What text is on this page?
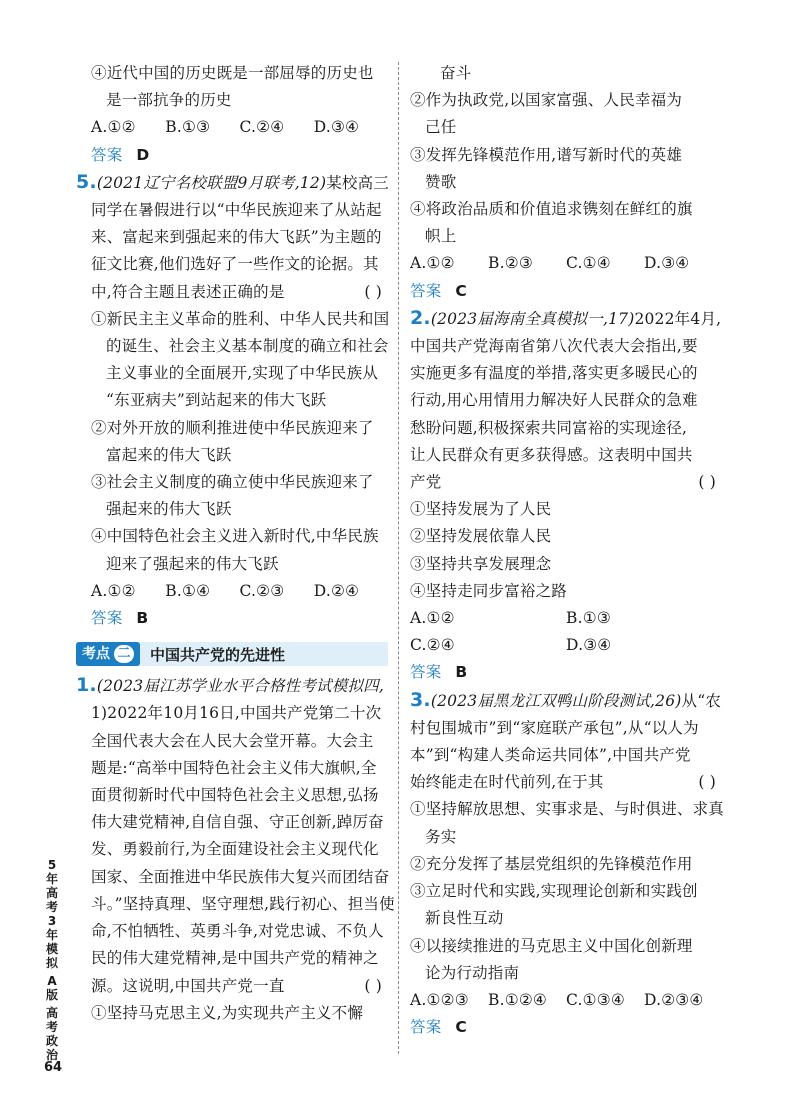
④近代中国的历史既是一部屈辱的历史也
是一部抗争的历史
A.①②	B.①③	C.②④	D.③④
答案 D
5.(2021辽宁名校联盟9月联考,12)某校高三
同学在暑假进行以“中华民族迎来了从站起
来、富起来到强起来的伟大飞跃”为主题的
征文比赛,他们选好了一些作文的论据。其
中,符合主题且表述正确的是	( )
①新民主主义革命的胜利、中华人民共和国
的诞生、社会主义基本制度的确立和社会
主义事业的全面展开,实现了中华民族从
“东亚病夫”到站起来的伟大飞跃
②对外开放的顺利推进使中华民族迎来了
富起来的伟大飞跃
③社会主义制度的确立使中华民族迎来了
强起来的伟大飞跃
④中国特色社会主义进入新时代,中华民族
迎来了强起来的伟大飞跃
A.①②	B.①④	C.②③	D.②④
答案 B
考点 二 中国共产党的先进性
1.(2023届江苏学业水平合格性考试模拟四,
1)2022年10月16日,中国共产党第二十次
全国代表大会在人民大会堂开幕。大会主
题是:“高举中国特色社会主义伟大旗帜,全
面贯彻新时代中国特色社会主义思想,弘扬
伟大建党精神,自信自强、守正创新,踔厉奋
发、勇毅前行,为全面建设社会主义现代化
国家、全面推进中华民族伟大复兴而团结奋
斗。”坚持真理、坚守理想,践行初心、担当使
命,不怕牺牲、英勇斗争,对党忠诚、不负人
民的伟大建党精神,是中国共产党的精神之
源。这说明,中国共产党一直	( )
①坚持马克思主义,为实现共产主义不懈
奋斗
②作为执政党,以国家富强、人民幸福为
己任
③发挥先锋模范作用,谱写新时代的英雄
赞歌
④将政治品质和价值追求镌刻在鲜红的旗
帜上
A.①②	B.②③	C.①④	D.③④
答案 C
2.(2023届海南全真模拟一,17)2022年4月,
中国共产党海南省第八次代表大会指出,要
实施更多有温度的举措,落实更多暖民心的
行动,用心用情用力解决好人民群众的急难
愁盼问题,积极探索共同富裕的实现途径,
让人民群众有更多获得感。这表明中国共
产党	( )
①坚持发展为了人民
②坚持发展依靠人民
③坚持共享发展理念
④坚持走同步富裕之路
A.①②	B.①③
C.②④	D.③④
答案 B
3.(2023届黑龙江双鸭山阶段测试,26)从“农
村包围城市”到“家庭联产承包”,从“以人为
本”到“构建人类命运共同体”,中国共产党
始终能走在时代前列,在于其	( )
①坚持解放思想、实事求是、与时俱进、求真
务实
②充分发挥了基层党组织的先锋模范作用
③立足时代和实践,实现理论创新和实践创
新良性互动
④以接续推进的马克思主义中国化创新理
论为行动指南
A.①②③	B.①②④	C.①③④	D.②③④
答案 C
5
年
高
考
3
年
模
拟
A
版
高
考
政
治
64
